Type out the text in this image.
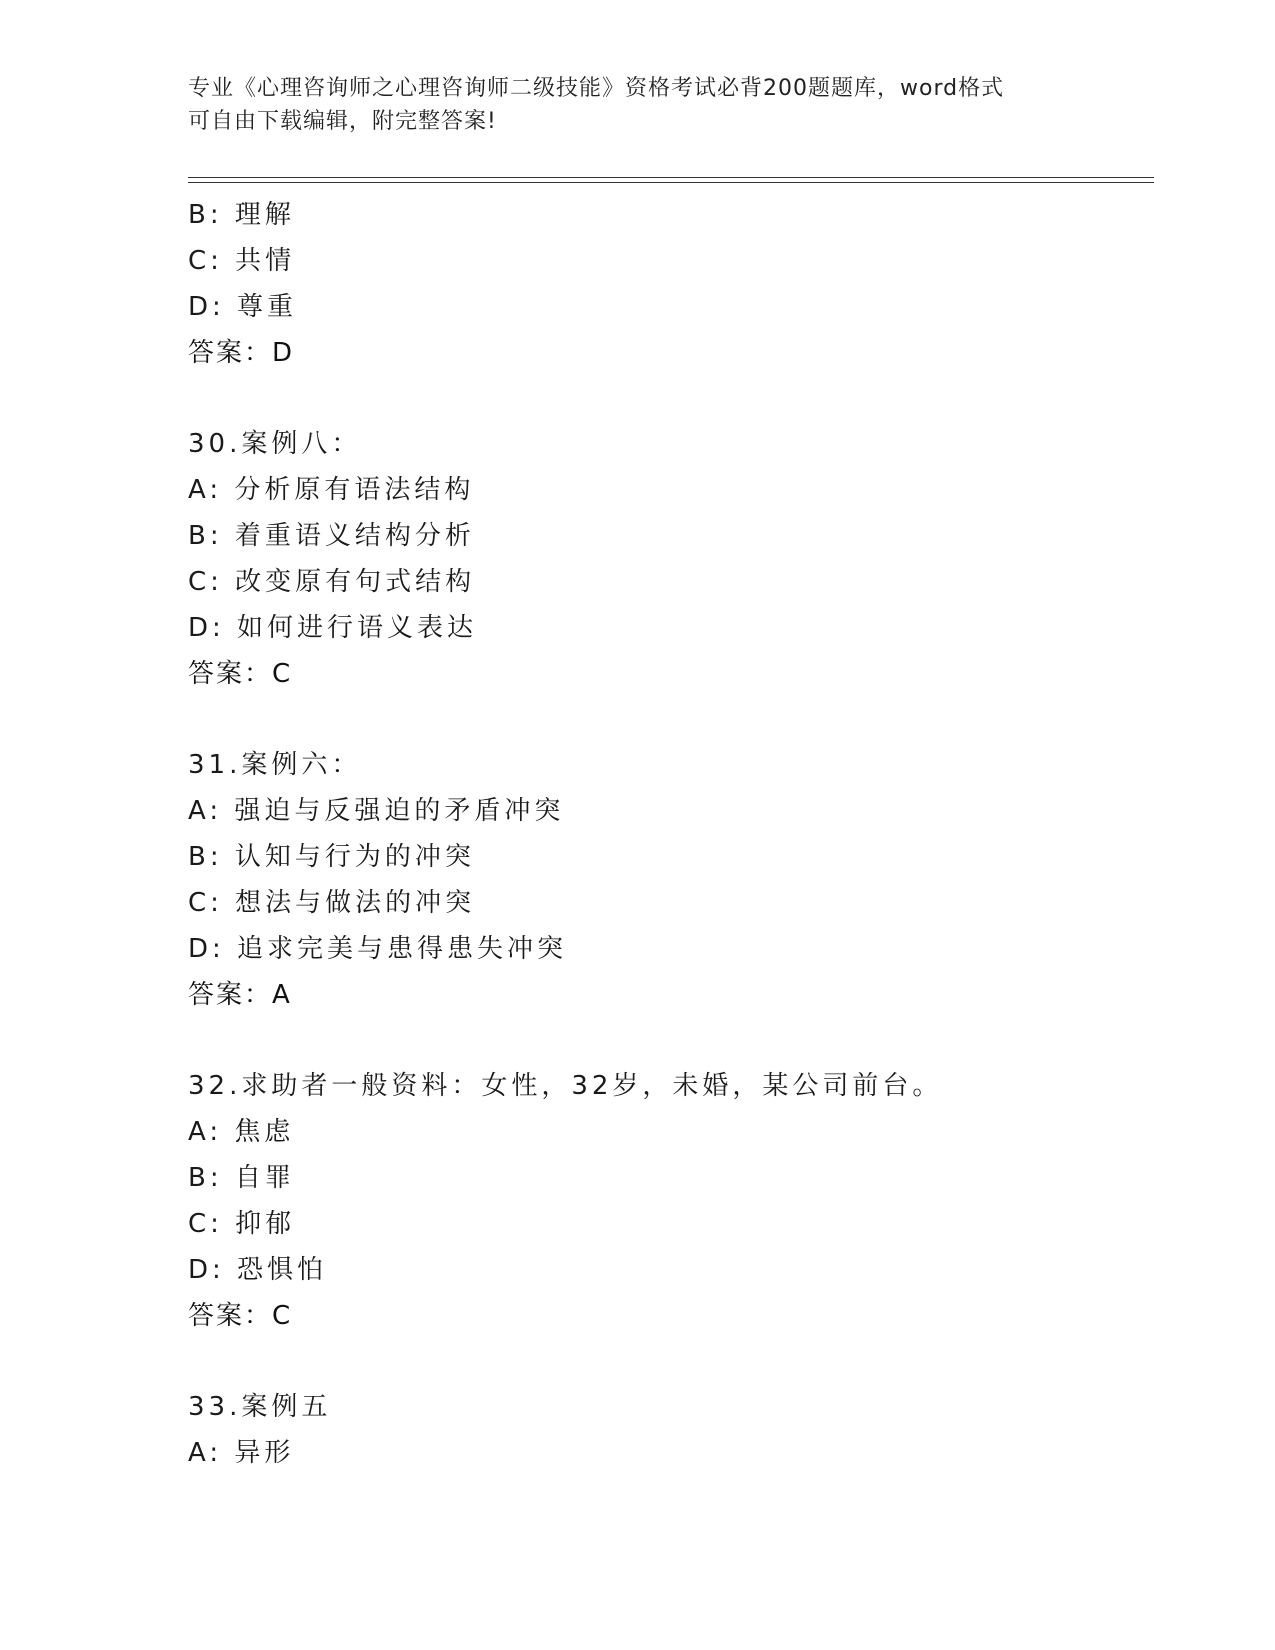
专业《心理咨询师之心理咨询师二级技能》资格考试必背200题题库，word格式
可自由下载编辑，附完整答案!
B: 理解
C: 共情
D: 尊重
答案：D
30.案例八：
A: 分析原有语法结构
B: 着重语义结构分析
C: 改变原有句式结构
D: 如何进行语义表达
答案：C
31.案例六：
A: 强迫与反强迫的矛盾冲突
B: 认知与行为的冲突
C: 想法与做法的冲突
D: 追求完美与患得患失冲突
答案：A
32.求助者一般资料：女性，32岁，未婚，某公司前台。
A: 焦虑
B: 自罪
C: 抑郁
D: 恐惧怕
答案：C
33.案例五
A: 异形
